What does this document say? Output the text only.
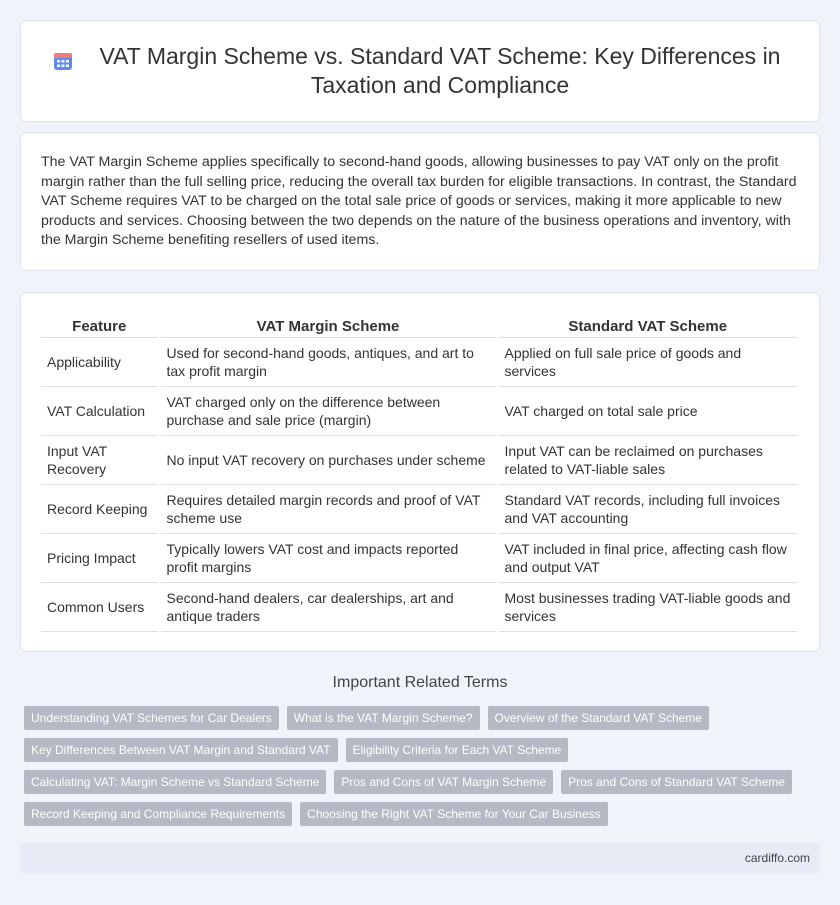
VAT Margin Scheme vs. Standard VAT Scheme: Key Differences in Taxation and Compliance

The VAT Margin Scheme applies specifically to second-hand goods, allowing businesses to pay VAT only on the profit margin rather than the full selling price, reducing the overall tax burden for eligible transactions. In contrast, the Standard VAT Scheme requires VAT to be charged on the total sale price of goods or services, making it more applicable to new products and services. Choosing between the two depends on the nature of the business operations and inventory, with the Margin Scheme benefiting resellers of used items.

Feature	VAT Margin Scheme	Standard VAT Scheme
Applicability	Used for second-hand goods, antiques, and art to tax profit margin	Applied on full sale price of goods and services
VAT Calculation	VAT charged only on the difference between purchase and sale price (margin)	VAT charged on total sale price
Input VAT Recovery	No input VAT recovery on purchases under scheme	Input VAT can be reclaimed on purchases related to VAT-liable sales
Record Keeping	Requires detailed margin records and proof of VAT scheme use	Standard VAT records, including full invoices and VAT accounting
Pricing Impact	Typically lowers VAT cost and impacts reported profit margins	VAT included in final price, affecting cash flow and output VAT
Common Users	Second-hand dealers, car dealerships, art and antique traders	Most businesses trading VAT-liable goods and services
Important Related Terms
Understanding VAT Schemes for Car Dealers	What is the VAT Margin Scheme?	Overview of the Standard VAT Scheme
Key Differences Between VAT Margin and Standard VAT	Eligibility Criteria for Each VAT Scheme
Calculating VAT: Margin Scheme vs Standard Scheme	Pros and Cons of VAT Margin Scheme	Pros and Cons of Standard VAT Scheme
Record Keeping and Compliance Requirements	Choosing the Right VAT Scheme for Your Car Business
cardiffo.com
